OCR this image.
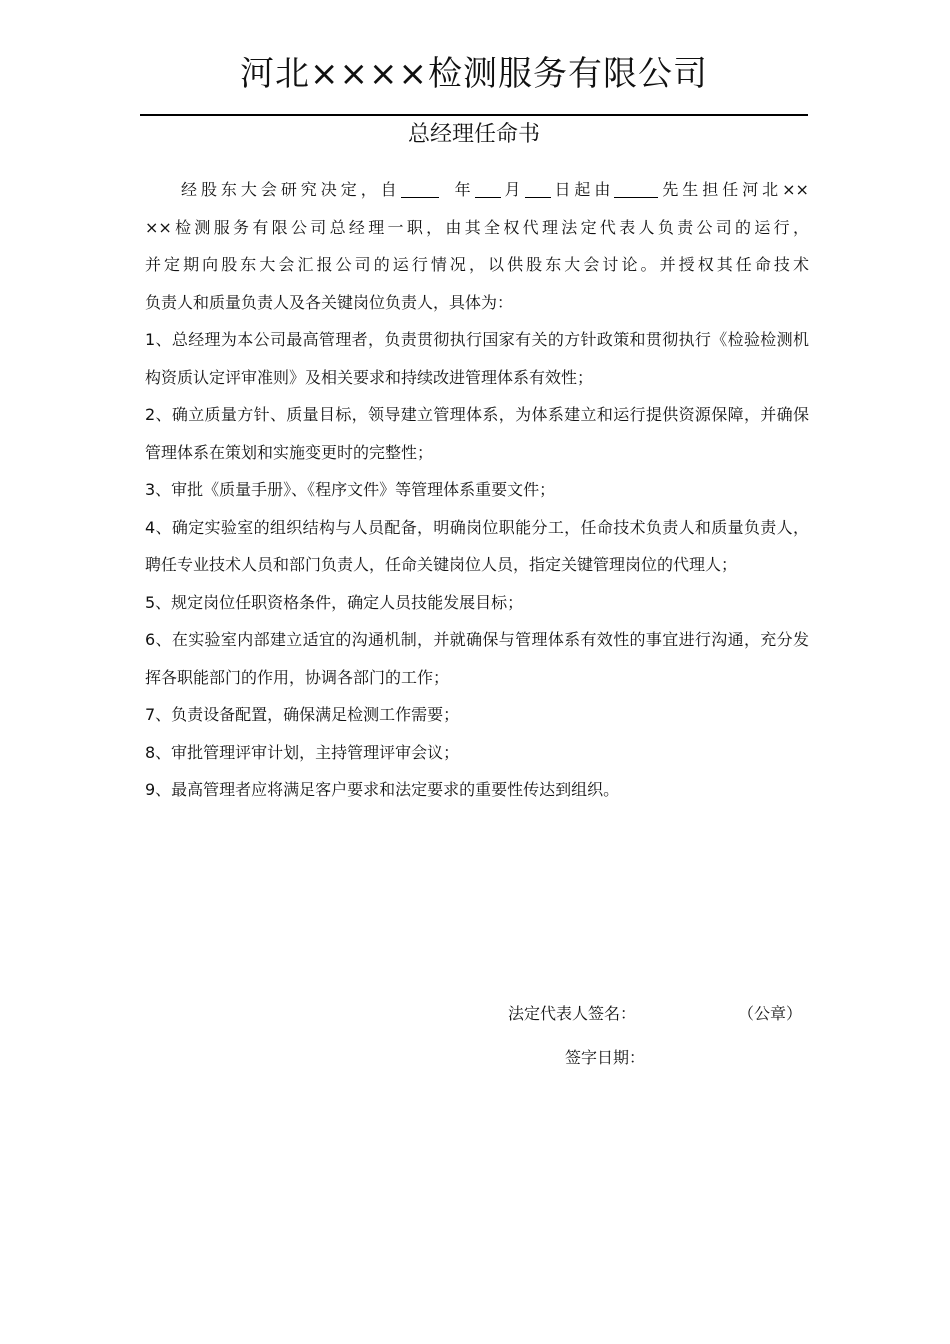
河北××××检测服务有限公司
总经理任命书
经股东大会研究决定，自	年 月 日起由	先生担任河北××
××检测服务有限公司总经理一职，由其全权代理法定代表人负责公司的运行，
并定期向股东大会汇报公司的运行情况，以供股东大会讨论。并授权其任命技术
负责人和质量负责人及各关键岗位负责人，具体为：
1、总经理为本公司最高管理者，负责贯彻执行国家有关的方针政策和贯彻执行《检验检测机构资质认定评审准则》及相关要求和持续改进管理体系有效性；
2、确立质量方针、质量目标，领导建立管理体系，为体系建立和运行提供资源保障，并确保管理体系在策划和实施变更时的完整性；
3、审批《质量手册》、《程序文件》等管理体系重要文件；
4、确定实验室的组织结构与人员配备，明确岗位职能分工，任命技术负责人和质量负责人，聘任专业技术人员和部门负责人，任命关键岗位人员，指定关键管理岗位的代理人；
5、规定岗位任职资格条件，确定人员技能发展目标；
6、在实验室内部建立适宜的沟通机制，并就确保与管理体系有效性的事宜进行沟通，充分发挥各职能部门的作用，协调各部门的工作；
7、负责设备配置，确保满足检测工作需要；
8、审批管理评审计划，主持管理评审会议；
9、最高管理者应将满足客户要求和法定要求的重要性传达到组织。
法定代表人签名：	（公章）
签字日期：
